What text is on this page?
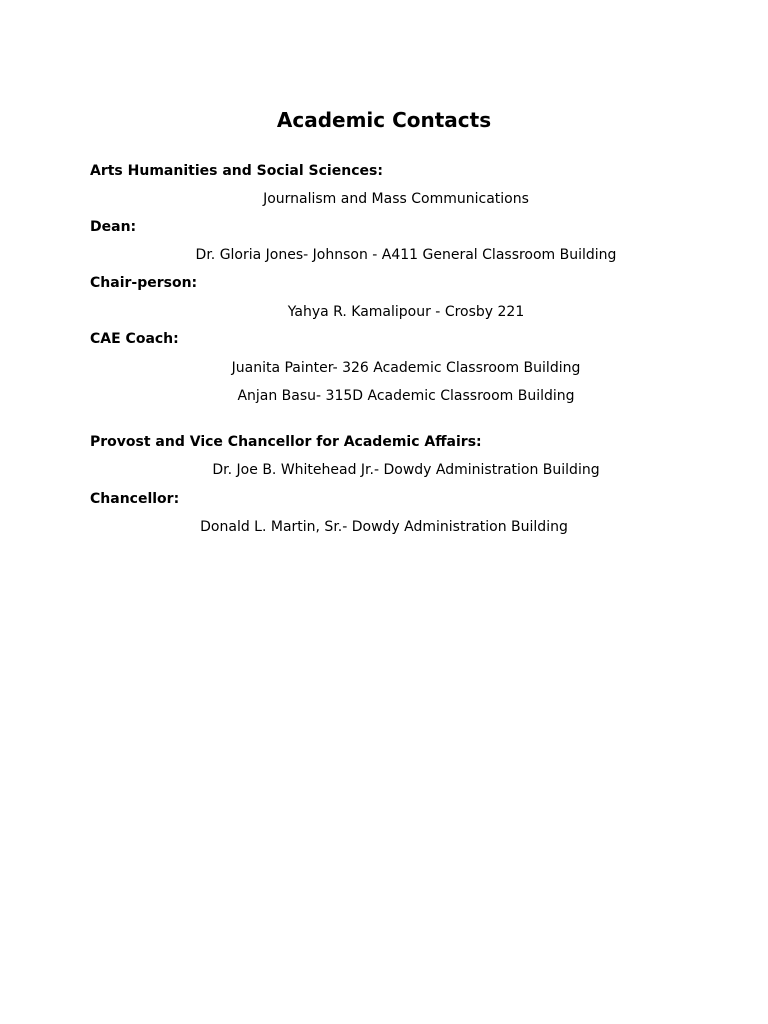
Academic Contacts
Arts Humanities and Social Sciences:
Journalism and Mass Communications
Dean:
Dr. Gloria Jones- Johnson - A411 General Classroom Building
Chair-person:
Yahya R. Kamalipour - Crosby 221
CAE Coach:
Juanita Painter- 326 Academic Classroom Building
Anjan Basu- 315D Academic Classroom Building
Provost and Vice Chancellor for Academic Affairs:
Dr. Joe B. Whitehead Jr.- Dowdy Administration Building
Chancellor:
Donald L. Martin, Sr.- Dowdy Administration Building
